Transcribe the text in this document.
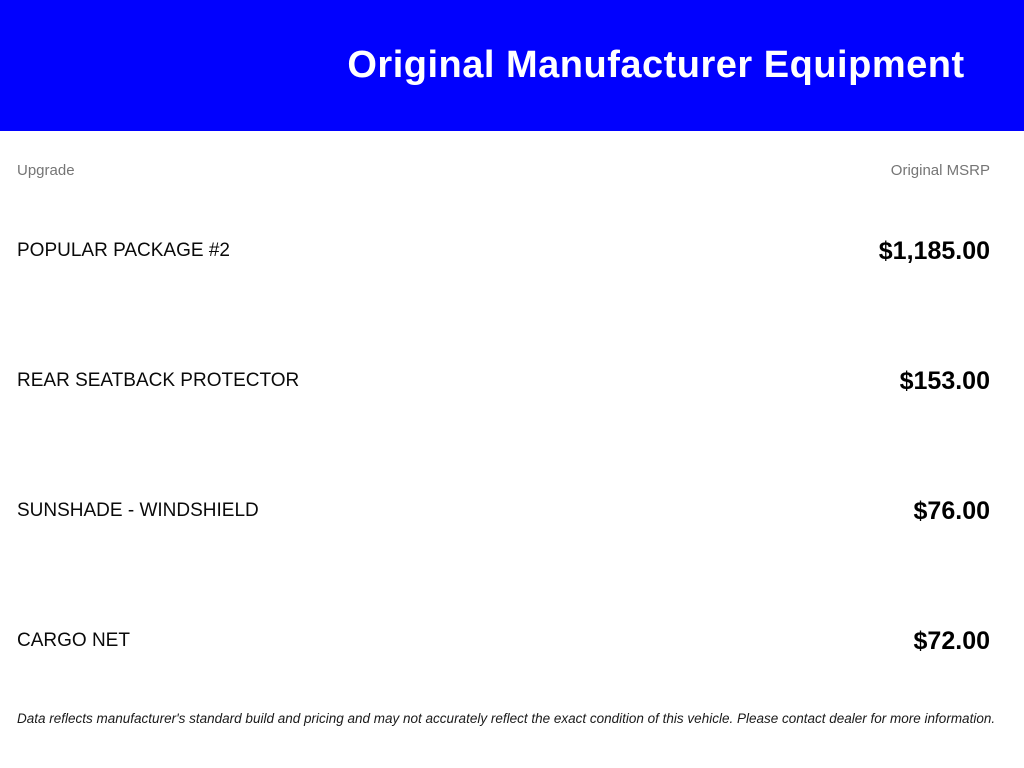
Original Manufacturer Equipment
Upgrade	Original MSRP
POPULAR PACKAGE #2	$1,185.00
REAR SEATBACK PROTECTOR	$153.00
SUNSHADE - WINDSHIELD	$76.00
CARGO NET	$72.00
Data reflects manufacturer's standard build and pricing and may not accurately reflect the exact condition of this vehicle. Please contact dealer for more information.
